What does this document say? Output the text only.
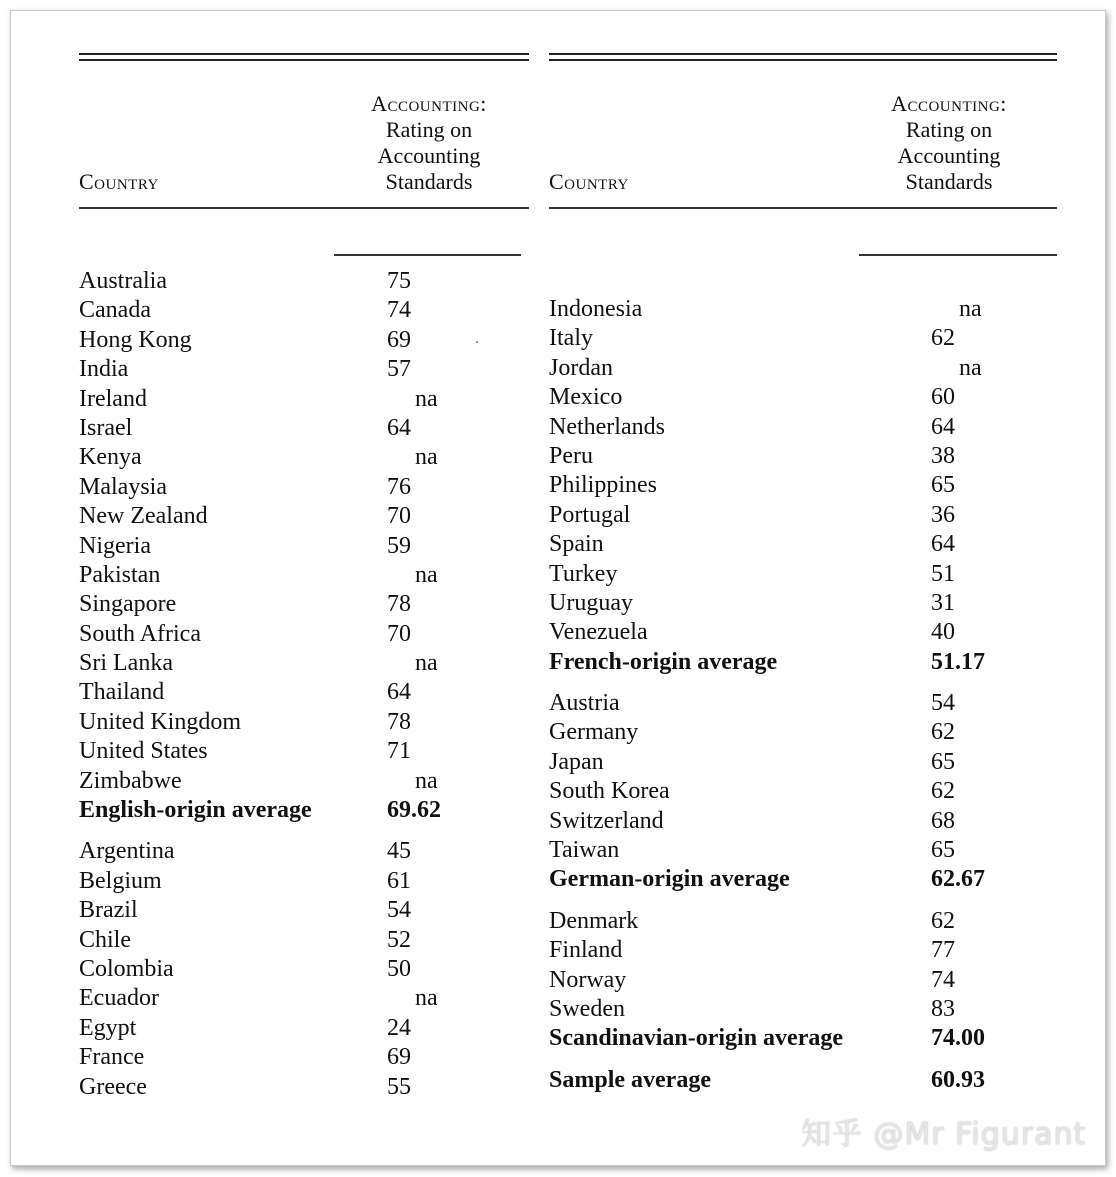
Country
Accounting:
Rating on
Accounting
Standards
Australia	75
Canada	74
Hong Kong	69
India	57
Ireland	na
Israel	64
Kenya	na
Malaysia	76
New Zealand	70
Nigeria	59
Pakistan	na
Singapore	78
South Africa	70
Sri Lanka	na
Thailand	64
United Kingdom	78
United States	71
Zimbabwe	na
English-origin average	69.62
Argentina	45
Belgium	61
Brazil	54
Chile	52
Colombia	50
Ecuador	na
Egypt	24
France	69
Greece	55
Country
Accounting:
Rating on
Accounting
Standards
Indonesia	na
Italy	62
Jordan	na
Mexico	60
Netherlands	64
Peru	38
Philippines	65
Portugal	36
Spain	64
Turkey	51
Uruguay	31
Venezuela	40
French-origin average	51.17
Austria	54
Germany	62
Japan	65
South Korea	62
Switzerland	68
Taiwan	65
German-origin average	62.67
Denmark	62
Finland	77
Norway	74
Sweden	83
Scandinavian-origin average	74.00
Sample average	60.93
知乎 @Mr Figurant
